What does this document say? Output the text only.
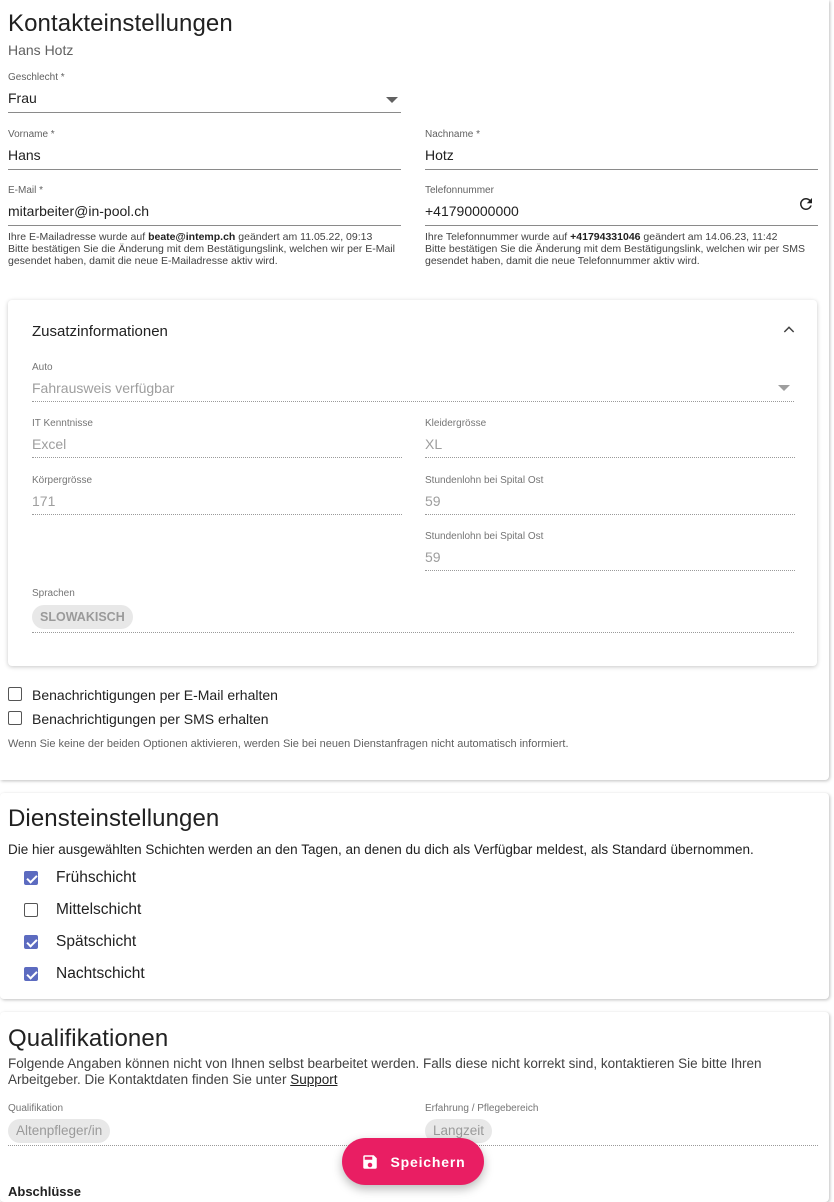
Kontakteinstellungen
Hans Hotz
Geschlecht *
Frau
Vorname *
Hans
Nachname *
Hotz
E-Mail *
mitarbeiter@in-pool.ch
Ihre E-Mailadresse wurde auf beate@intemp.ch geändert am 11.05.22, 09:13
Bitte bestätigen Sie die Änderung mit dem Bestätigungslink, welchen wir per E-Mail gesendet haben, damit die neue E-Mailadresse aktiv wird.
Telefonnummer
+41790000000
Ihre Telefonnummer wurde auf +41794331046 geändert am 14.06.23, 11:42
Bitte bestätigen Sie die Änderung mit dem Bestätigungslink, welchen wir per SMS gesendet haben, damit die neue Telefonnummer aktiv wird.
Zusatzinformationen
Auto
Fahrausweis verfügbar
IT Kenntnisse
Excel
Kleidergrösse
XL
Körpergrösse
171
Stundenlohn bei Spital Ost
59
Stundenlohn bei Spital Ost
59
Sprachen
SLOWAKISCH
Benachrichtigungen per E-Mail erhalten
Benachrichtigungen per SMS erhalten
Wenn Sie keine der beiden Optionen aktivieren, werden Sie bei neuen Dienstanfragen nicht automatisch informiert.
Diensteinstellungen
Die hier ausgewählten Schichten werden an den Tagen, an denen du dich als Verfügbar meldest, als Standard übernommen.
Frühschicht
Mittelschicht
Spätschicht
Nachtschicht
Qualifikationen
Folgende Angaben können nicht von Ihnen selbst bearbeitet werden. Falls diese nicht korrekt sind, kontaktieren Sie bitte Ihren Arbeitgeber. Die Kontaktdaten finden Sie unter Support
Qualifikation
Altenpfleger/in
Erfahrung / Pflegebereich
Langzeit
Abschlüsse
Speichern
